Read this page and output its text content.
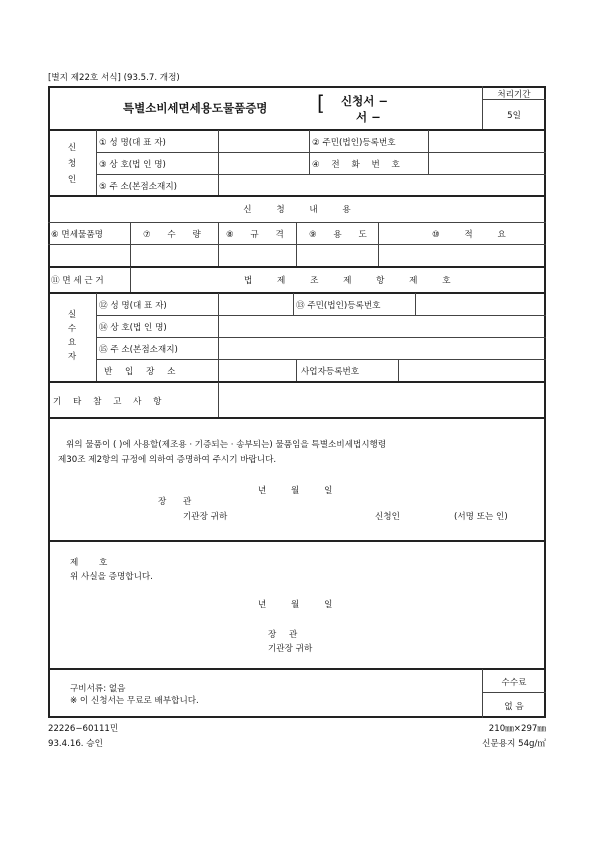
[별지 제22호 서식] (93.5.7. 개정)
특별소비세면세용도물품증명 [ 신청서 −
서 −
처리기간
5일
신 청 인
① 성 명(대 표 자)	② 주민(법인)등록번호
③ 상 호(법 인 명)	④ 전 화 번 호
⑤ 주 소(본점소재지)
신 청 내 용
⑥ 면세물품명	⑦ 수 량	⑧ 규 격	⑨ 용 도	⑩ 적 요
⑪ 면 세 근 거	법 제 조 제 항 제 호
실 수 요 자
⑫ 성 명(대 표 자)	⑬ 주민(법인)등록번호
⑭ 상 호(법 인 명)
⑮ 주 소(본점소재지)
반 입 장 소	사업자등록번호
기 타 참 고 사 항
위의 물품이 ( )에 사용할(제조용 · 기증되는 · 송부되는) 물품임을 특별소비세법시행령
제30조 제2항의 규정에 의하여 증명하여 주시기 바랍니다.
년 월 일
장 관
기관장 귀하	신청인	(서명 또는 인)
제 호
위 사실을 증명합니다.
년 월 일
장 관
기관장 귀하
구비서류: 없음
※ 이 신청서는 무료로 배부합니다.
수수료
없 음
22226−60111민
93.4.16. 승인
210㎜×297㎜
신문용지 54g/㎡
